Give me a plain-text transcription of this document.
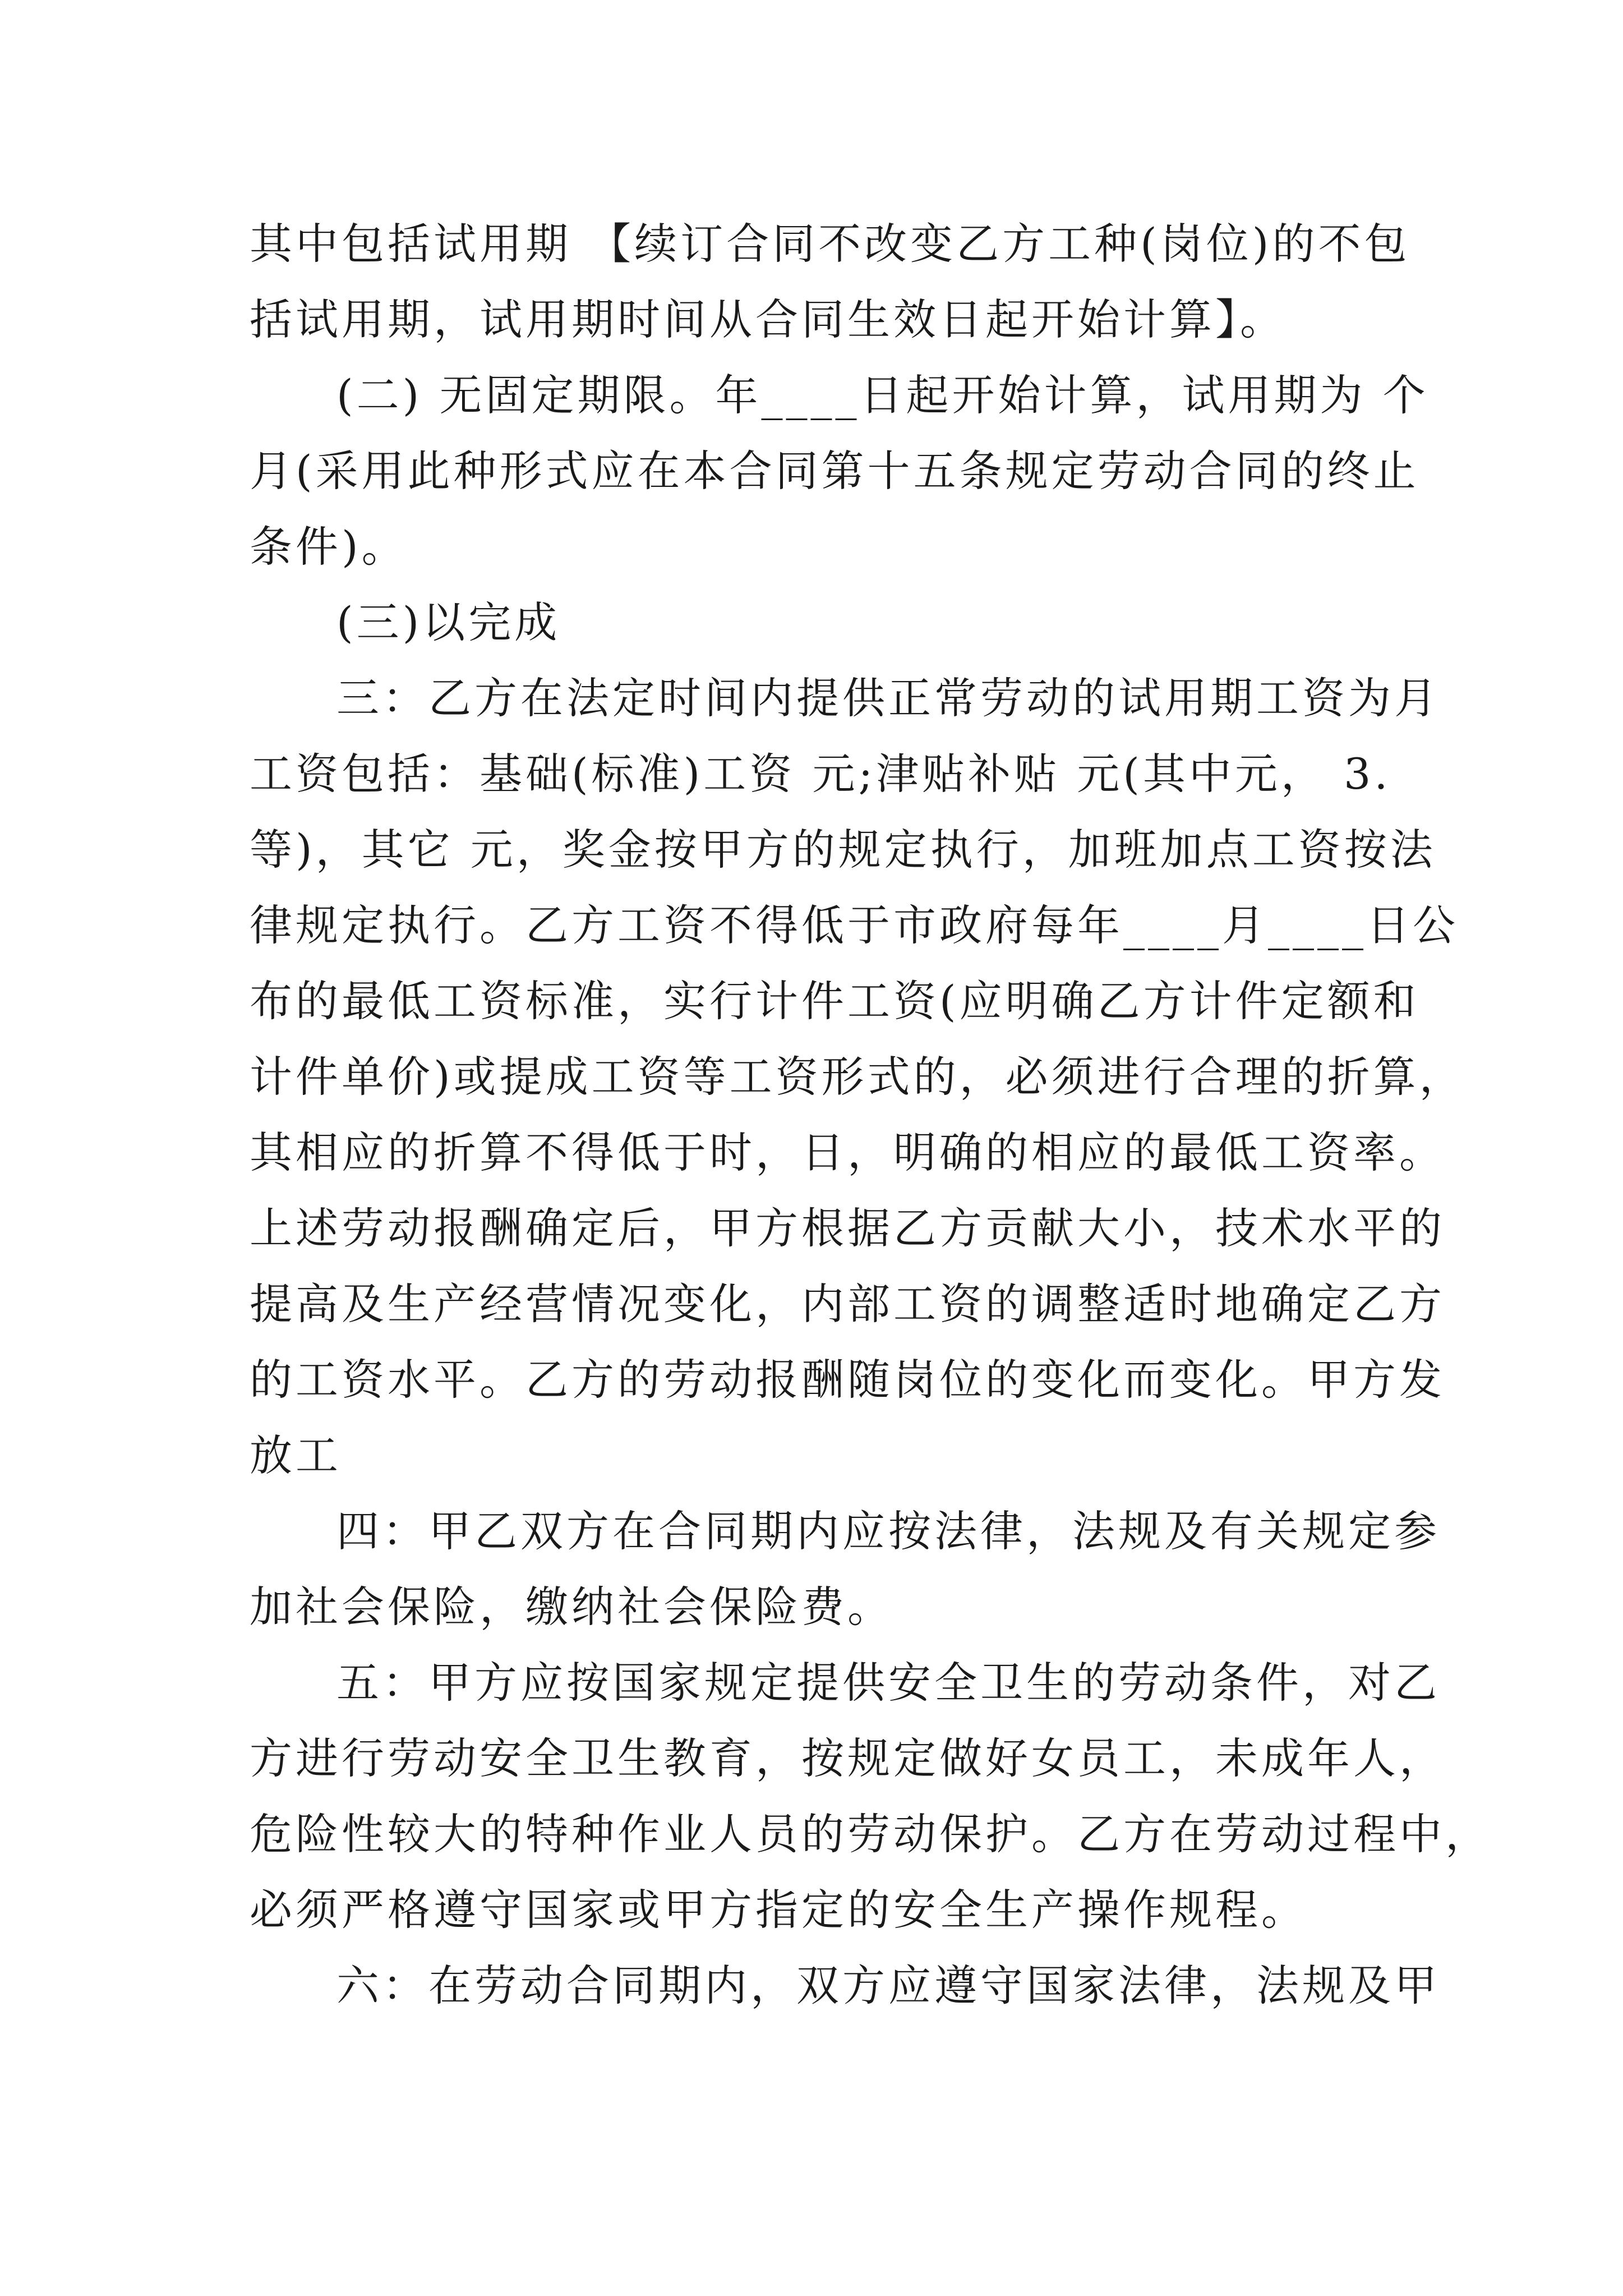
其中包括试用期 【续订合同不改变乙方工种(岗位)的不包

括试用期，试用期时间从合同生效日起开始计算】。

(二) 无固定期限。年____日起开始计算，试用期为 个

月(采用此种形式应在本合同第十五条规定劳动合同的终止

条件)。

(三)以完成

三：乙方在法定时间内提供正常劳动的试用期工资为月

工资包括：基础(标准)工资 元;津贴补贴 元(其中元， 3.

等)，其它 元，奖金按甲方的规定执行，加班加点工资按法

律规定执行。乙方工资不得低于市政府每年____月____日公

布的最低工资标准，实行计件工资(应明确乙方计件定额和

计件单价)或提成工资等工资形式的，必须进行合理的折算，

其相应的折算不得低于时，日，明确的相应的最低工资率。

上述劳动报酬确定后，甲方根据乙方贡献大小，技术水平的

提高及生产经营情况变化，内部工资的调整适时地确定乙方

的工资水平。乙方的劳动报酬随岗位的变化而变化。甲方发

放工

四：甲乙双方在合同期内应按法律，法规及有关规定参

加社会保险，缴纳社会保险费。

五：甲方应按国家规定提供安全卫生的劳动条件，对乙

方进行劳动安全卫生教育，按规定做好女员工，未成年人，

危险性较大的特种作业人员的劳动保护。乙方在劳动过程中，

必须严格遵守国家或甲方指定的安全生产操作规程。

六：在劳动合同期内，双方应遵守国家法律，法规及甲
